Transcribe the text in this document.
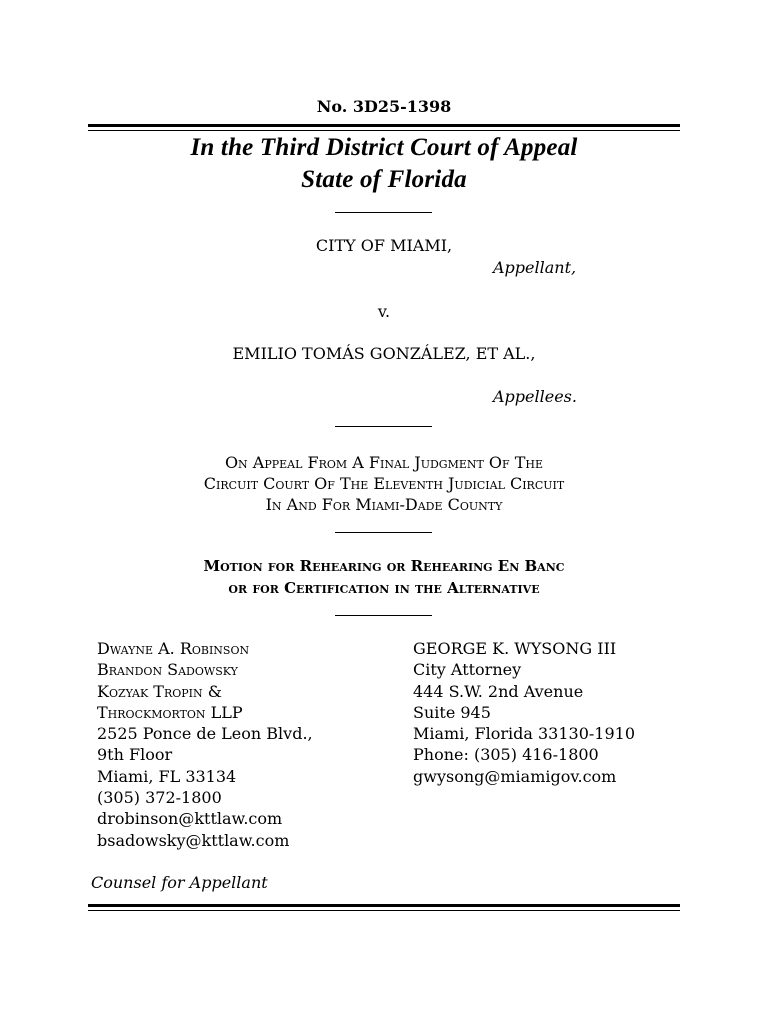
No. 3D25-1398
In the Third District Court of Appeal
State of Florida
CITY OF MIAMI,
Appellant,
v.
EMILIO TOMÁS GONZÁLEZ, ET AL.,
Appellees.
On Appeal From A Final Judgment Of The
Circuit Court Of The Eleventh Judicial Circuit
In And For Miami-Dade County
Motion for Rehearing or Rehearing En Banc
or for Certification in the Alternative
Dwayne A. Robinson
Brandon Sadowsky
Kozyak Tropin &
Throckmorton LLP
2525 Ponce de Leon Blvd.,
9th Floor
Miami, FL 33134
(305) 372-1800
drobinson@kttlaw.com
bsadowsky@kttlaw.com
GEORGE K. WYSONG III
City Attorney
444 S.W. 2nd Avenue
Suite 945
Miami, Florida 33130-1910
Phone: (305) 416-1800
gwysong@miamigov.com
Counsel for Appellant
